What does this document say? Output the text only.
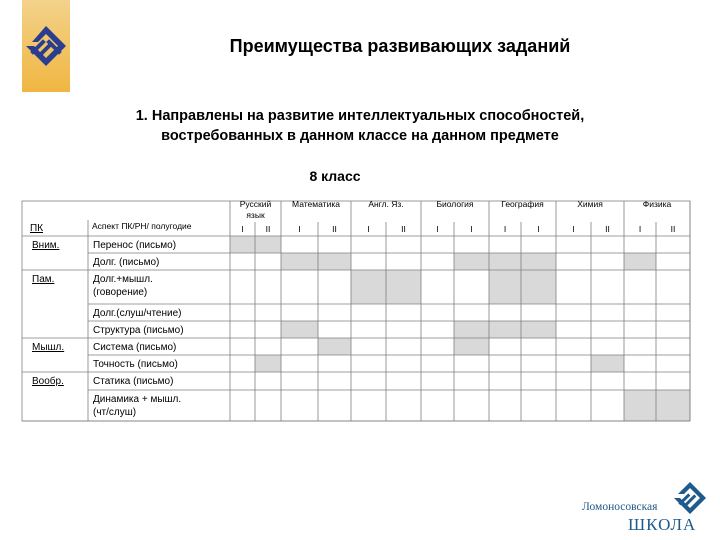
Преимущества развивающих заданий
1. Направлены на развитие интеллектуальных способностей,
востребованных в данном классе на данном предмете
8 класс
ПК	Аспект ПК/РН/ полугодие
Русский
язык
I	II
Математика
I	II
Англ. Яз.
I	II
Биология
I	I
География
I	I
Химия
I	II
Физика
I	II
Вним.	Перенос (письмо)
Долг. (письмо)
Пам.	Долг.+мышл.
(говорение)
Долг.(слуш/чтение)
Структура (письмо)
Мышл.	Система (письмо)
Точность (письмо)
Вообр.	Статика (письмо)
Динамика + мышл.
(чт/слуш)
Ломоносовская
ШКОЛА
